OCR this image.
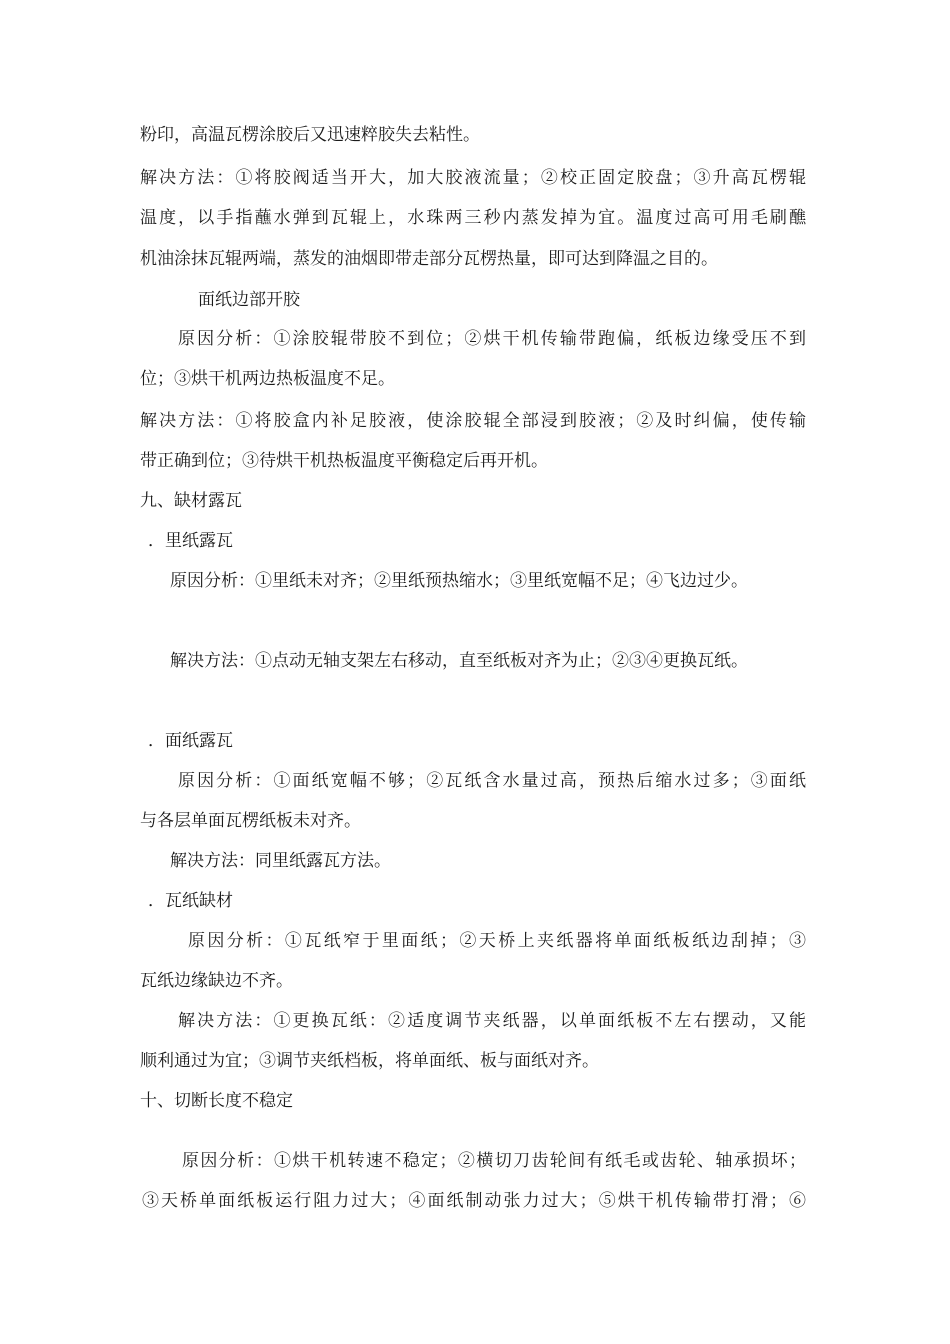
粉印，高温瓦楞涂胶后又迅速粹胶失去粘性。
解决方法：①将胶阀适当开大，加大胶液流量；②校正固定胶盘；③升高瓦楞辊
温度，以手指蘸水弹到瓦辊上，水珠两三秒内蒸发掉为宜。温度过高可用毛刷醮
机油涂抹瓦辊两端，蒸发的油烟即带走部分瓦楞热量，即可达到降温之目的。
面纸边部开胶
原因分析：①涂胶辊带胶不到位；②烘干机传输带跑偏，纸板边缘受压不到
位；③烘干机两边热板温度不足。
解决方法：①将胶盒内补足胶液，使涂胶辊全部浸到胶液；②及时纠偏，使传输
带正确到位；③待烘干机热板温度平衡稳定后再开机。
九、缺材露瓦
．里纸露瓦
原因分析：①里纸未对齐；②里纸预热缩水；③里纸宽幅不足；④飞边过少。
解决方法：①点动无轴支架左右移动，直至纸板对齐为止；②③④更换瓦纸。
．面纸露瓦
原因分析：①面纸宽幅不够；②瓦纸含水量过高，预热后缩水过多；③面纸
与各层单面瓦楞纸板未对齐。
解决方法：同里纸露瓦方法。
．瓦纸缺材
原因分析：①瓦纸窄于里面纸；②天桥上夹纸器将单面纸板纸边刮掉；③
瓦纸边缘缺边不齐。
解决方法：①更换瓦纸：②适度调节夹纸器，以单面纸板不左右摆动，又能
顺利通过为宜；③调节夹纸档板，将单面纸、板与面纸对齐。
十、切断长度不稳定
原因分析：①烘干机转速不稳定；②横切刀齿轮间有纸毛或齿轮、轴承损坏；
③天桥单面纸板运行阻力过大；④面纸制动张力过大；⑤烘干机传输带打滑；⑥
